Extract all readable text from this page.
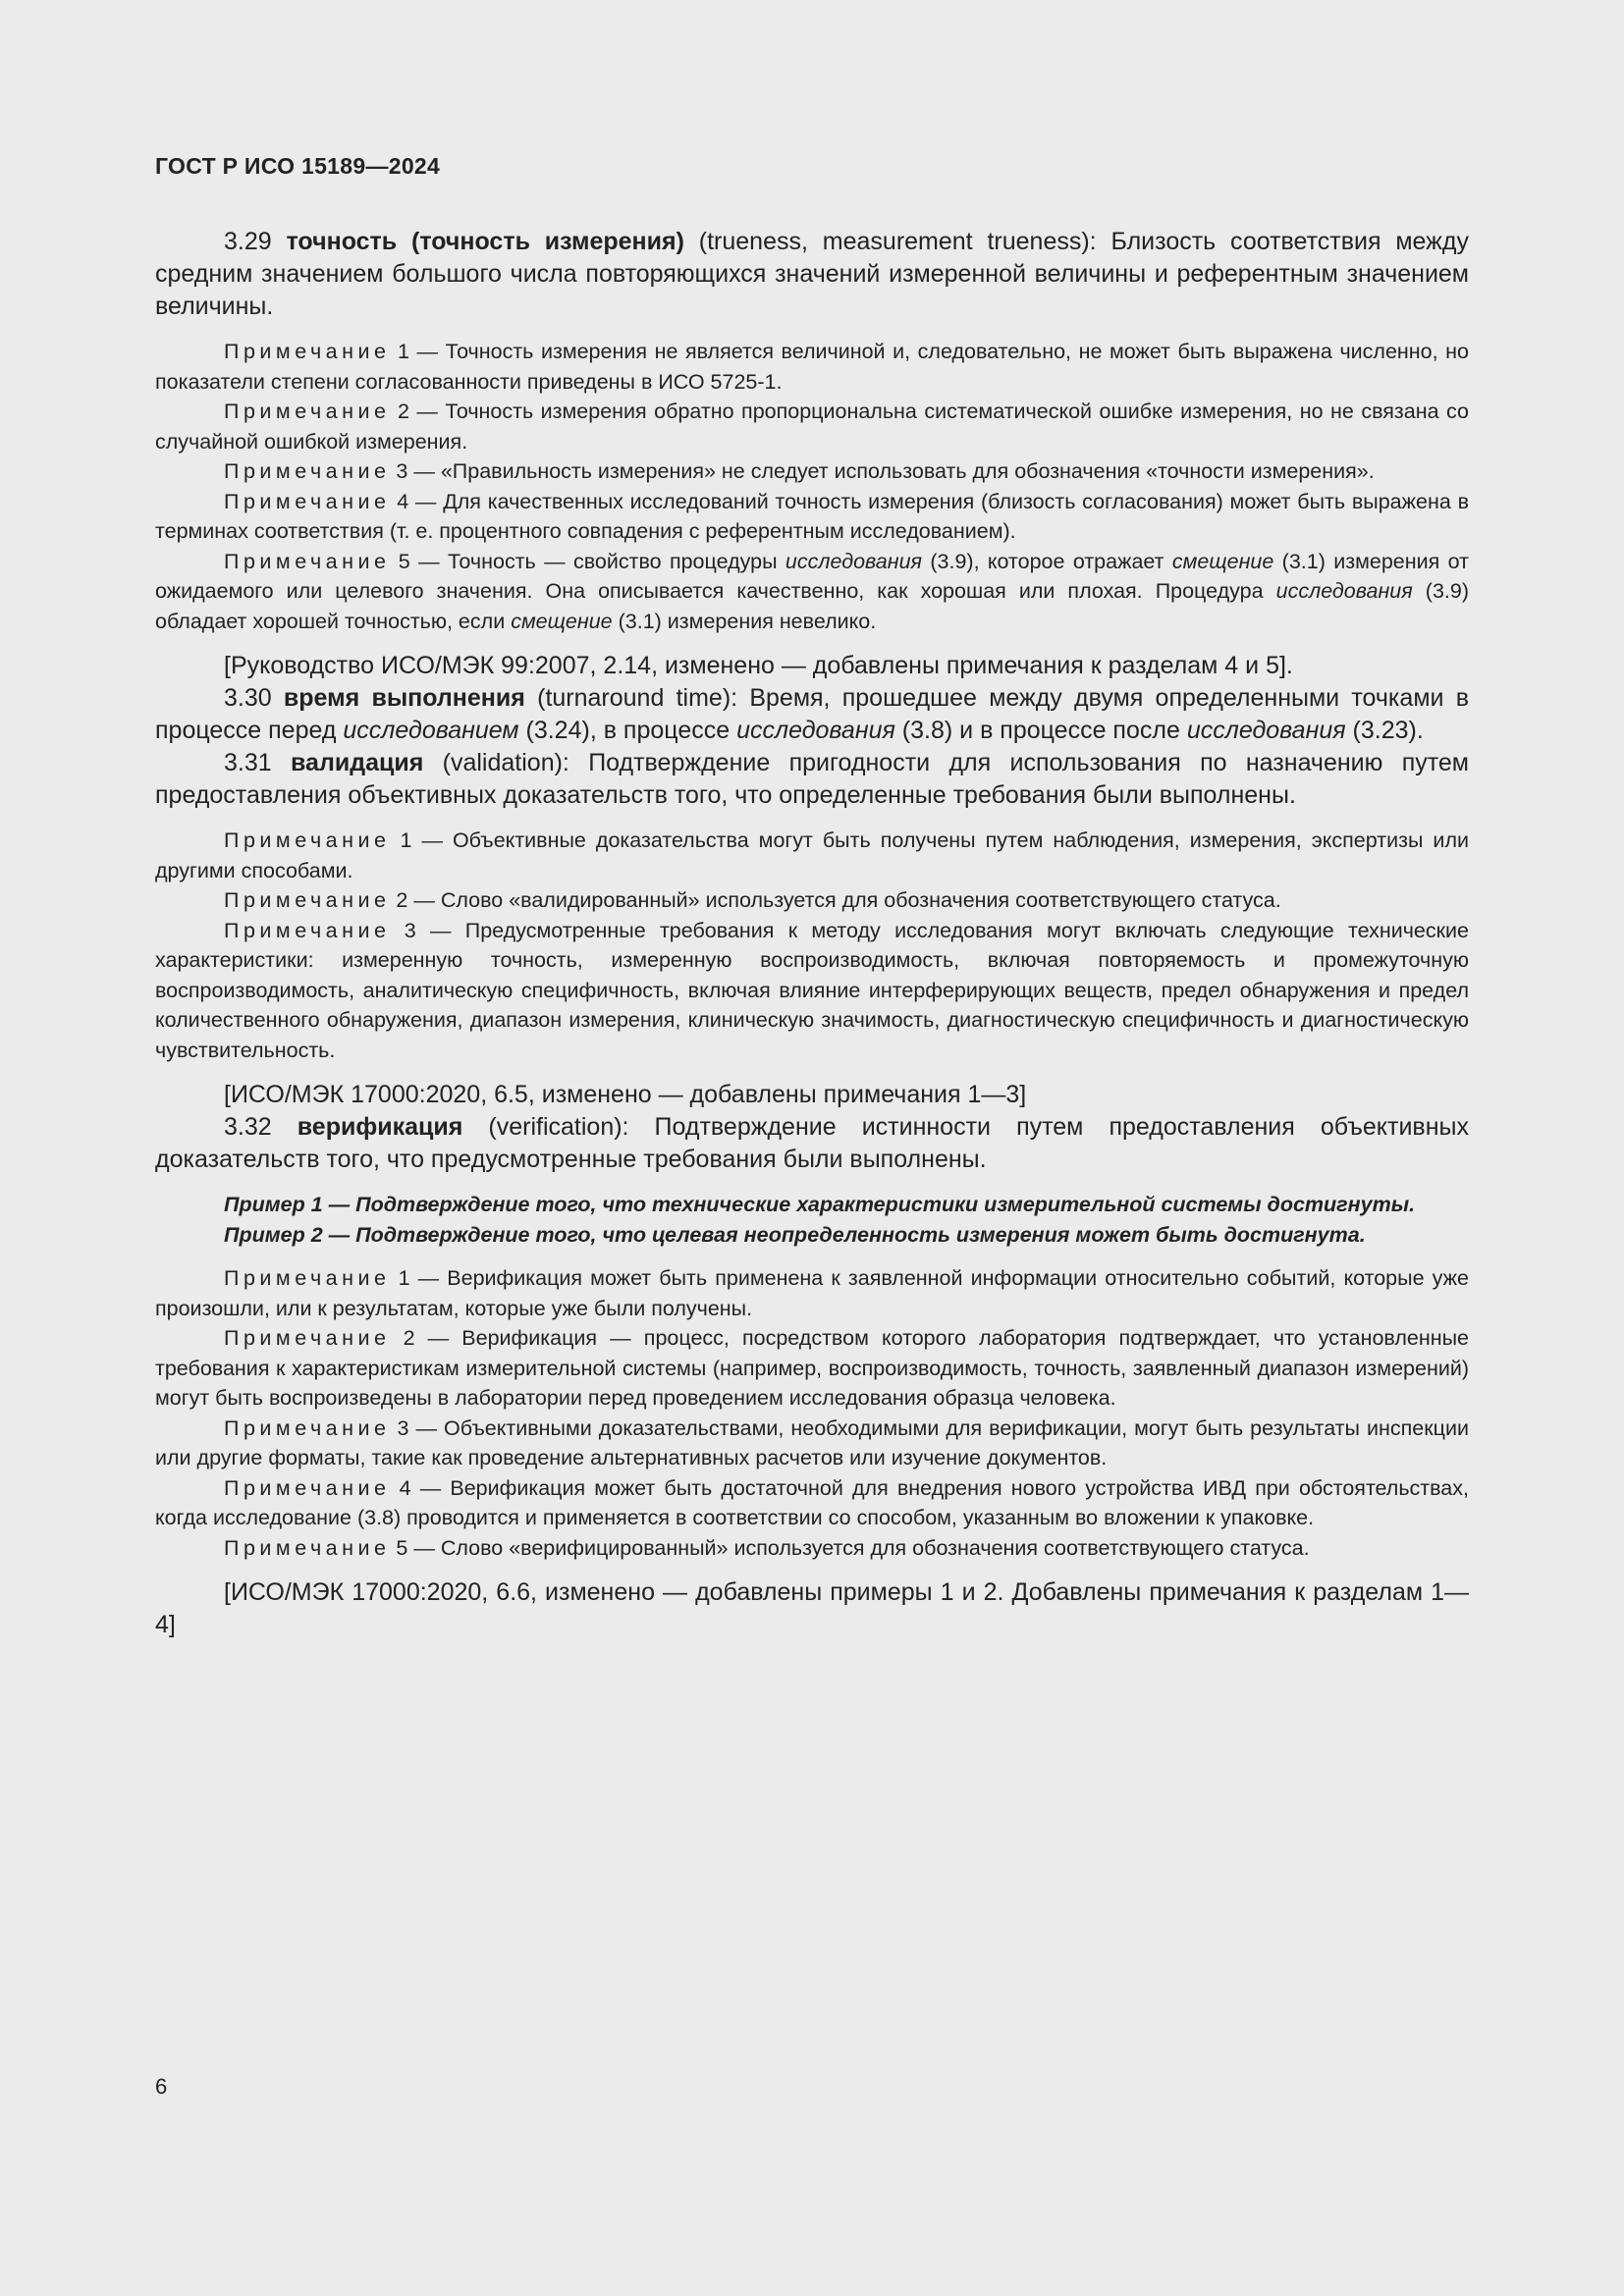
ГОСТ Р ИСО 15189—2024

3.29 точность (точность измерения) (trueness, measurement trueness): Близость соответствия между средним значением большого числа повторяющихся значений измеренной величины и референтным значением величины.

Примечание 1 — Точность измерения не является величиной и, следовательно, не может быть выражена численно, но показатели степени согласованности приведены в ИСО 5725-1.

Примечание 2 — Точность измерения обратно пропорциональна систематической ошибке измерения, но не связана со случайной ошибкой измерения.

Примечание 3 — «Правильность измерения» не следует использовать для обозначения «точности измерения».

Примечание 4 — Для качественных исследований точность измерения (близость согласования) может быть выражена в терминах соответствия (т. е. процентного совпадения с референтным исследованием).

Примечание 5 — Точность — свойство процедуры исследования (3.9), которое отражает смещение (3.1) измерения от ожидаемого или целевого значения. Она описывается качественно, как хорошая или плохая. Процедура исследования (3.9) обладает хорошей точностью, если смещение (3.1) измерения невелико.

[Руководство ИСО/МЭК 99:2007, 2.14, изменено — добавлены примечания к разделам 4 и 5].

3.30 время выполнения (turnaround time): Время, прошедшее между двумя определенными точками в процессе перед исследованием (3.24), в процессе исследования (3.8) и в процессе после исследования (3.23).

3.31 валидация (validation): Подтверждение пригодности для использования по назначению путем предоставления объективных доказательств того, что определенные требования были выполнены.

Примечание 1 — Объективные доказательства могут быть получены путем наблюдения, измерения, экспертизы или другими способами.

Примечание 2 — Слово «валидированный» используется для обозначения соответствующего статуса.

Примечание 3 — Предусмотренные требования к методу исследования могут включать следующие технические характеристики: измеренную точность, измеренную воспроизводимость, включая повторяемость и промежуточную воспроизводимость, аналитическую специфичность, включая влияние интерферирующих веществ, предел обнаружения и предел количественного обнаружения, диапазон измерения, клиническую значимость, диагностическую специфичность и диагностическую чувствительность.

[ИСО/МЭК 17000:2020, 6.5, изменено — добавлены примечания 1—3]

3.32 верификация (verification): Подтверждение истинности путем предоставления объективных доказательств того, что предусмотренные требования были выполнены.

Пример 1 — Подтверждение того, что технические характеристики измерительной системы достигнуты.

Пример 2 — Подтверждение того, что целевая неопределенность измерения может быть достигнута.

Примечание 1 — Верификация может быть применена к заявленной информации относительно событий, которые уже произошли, или к результатам, которые уже были получены.

Примечание 2 — Верификация — процесс, посредством которого лаборатория подтверждает, что установленные требования к характеристикам измерительной системы (например, воспроизводимость, точность, заявленный диапазон измерений) могут быть воспроизведены в лаборатории перед проведением исследования образца человека.

Примечание 3 — Объективными доказательствами, необходимыми для верификации, могут быть результаты инспекции или другие форматы, такие как проведение альтернативных расчетов или изучение документов.

Примечание 4 — Верификация может быть достаточной для внедрения нового устройства ИВД при обстоятельствах, когда исследование (3.8) проводится и применяется в соответствии со способом, указанным во вложении к упаковке.

Примечание 5 — Слово «верифицированный» используется для обозначения соответствующего статуса.

[ИСО/МЭК 17000:2020, 6.6, изменено — добавлены примеры 1 и 2. Добавлены примечания к разделам 1—4]

6
